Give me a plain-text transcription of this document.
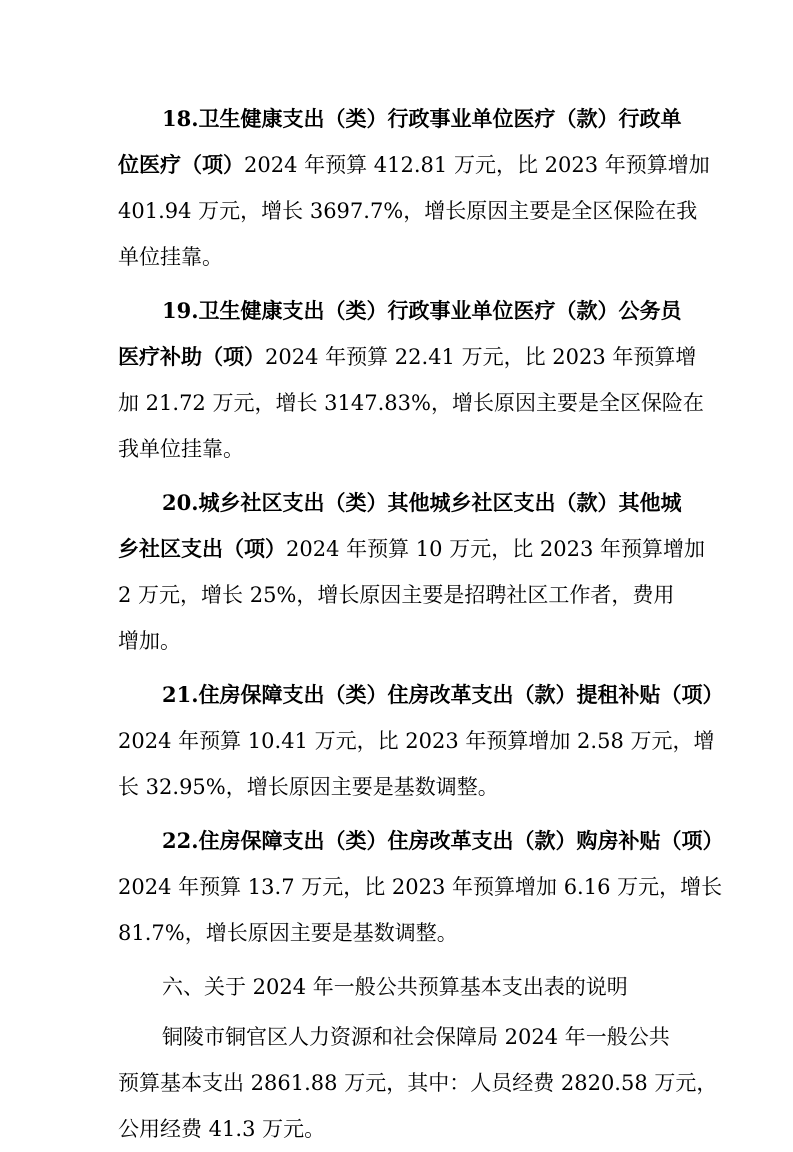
18.卫生健康支出（类）行政事业单位医疗（款）行政单
位医疗（项） 2024 年预算 412.81 万元，比 2023 年预算增加
401.94 万元，增长 3697.7%，增长原因主要是全区保险在我
单位挂靠。
19.卫生健康支出（类）行政事业单位医疗（款）公务员
医疗补助（项） 2024 年预算 22.41 万元，比 2023 年预算增
加 21.72 万元，增长 3147.83%，增长原因主要是全区保险在
我单位挂靠。
20.城乡社区支出（类）其他城乡社区支出（款）其他城
乡社区支出（项） 2024 年预算 10 万元，比 2023 年预算增加
2 万元，增长 25%，增长原因主要是招聘社区工作者，费用
增加。
21.住房保障支出（类）住房改革支出（款）提租补贴（项）
2024 年预算 10.41 万元，比 2023 年预算增加 2.58 万元，增
长 32.95%，增长原因主要是基数调整。
22.住房保障支出（类）住房改革支出（款）购房补贴（项）
2024 年预算 13.7 万元，比 2023 年预算增加 6.16 万元，增长
81.7%，增长原因主要是基数调整。
六、关于 2024 年一般公共预算基本支出表的说明
铜陵市铜官区人力资源和社会保障局 2024 年一般公共
预算基本支出 2861.88 万元，其中：人员经费 2820.58 万元，
公用经费 41.3 万元。
